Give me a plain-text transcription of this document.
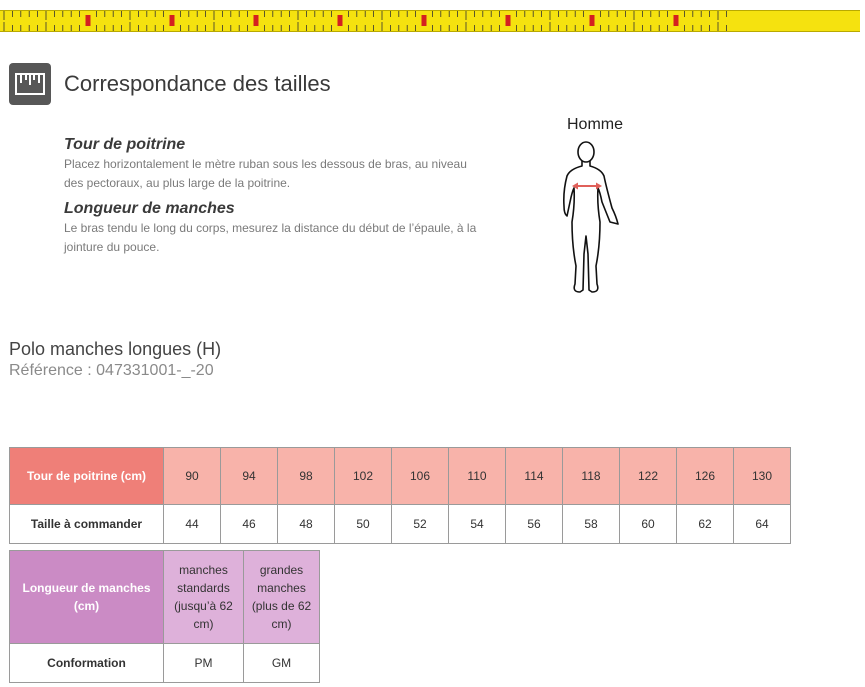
Correspondance des tailles
Tour de poitrine
Placez horizontalement le mètre ruban sous les dessous de bras, au niveau des pectoraux, au plus large de la poitrine.
Longueur de manches
Le bras tendu le long du corps, mesurez la distance du début de l’épaule, à la jointure du pouce.
Homme
Polo manches longues (H)
Référence : 047331001-_-20
Tour de poitrine (cm)	90	94	98	102	106	110	114	118	122	126	130
Taille à commander	44	46	48	50	52	54	56	58	60	62	64
Longueur de manches (cm)	manches standards (jusqu’à 62 cm)	grandes manches (plus de 62 cm)
Conformation	PM	GM
